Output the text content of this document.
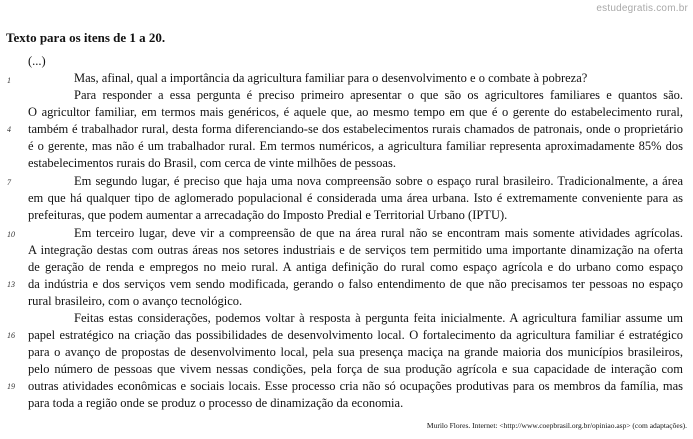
estudegratis.com.br
Texto para os itens de 1 a 20.
(...)
1
4
7
10
13
16
19
Mas, afinal, qual a importância da agricultura familiar para o desenvolvimento e o combate à pobreza?
Para responder a essa pergunta é preciso primeiro apresentar o que são os agricultores familiares e quantos são.
O agricultor familiar, em termos mais genéricos, é aquele que, ao mesmo tempo em que é o gerente do estabelecimento rural,
também é trabalhador rural, desta forma diferenciando-se dos estabelecimentos rurais chamados de patronais, onde o proprietário
é o gerente, mas não é um trabalhador rural. Em termos numéricos, a agricultura familiar representa aproximadamente 85% dos
estabelecimentos rurais do Brasil, com cerca de vinte milhões de pessoas.
Em segundo lugar, é preciso que haja uma nova compreensão sobre o espaço rural brasileiro. Tradicionalmente, a área
em que há qualquer tipo de aglomerado populacional é considerada uma área urbana. Isto é extremamente conveniente para as
prefeituras, que podem aumentar a arrecadação do Imposto Predial e Territorial Urbano (IPTU).
Em terceiro lugar, deve vir a compreensão de que na área rural não se encontram mais somente atividades agrícolas.
A integração destas com outras áreas nos setores industriais e de serviços tem permitido uma importante dinamização na oferta
de geração de renda e empregos no meio rural. A antiga definição do rural como espaço agrícola e do urbano como espaço
da indústria e dos serviços vem sendo modificada, gerando o falso entendimento de que não precisamos ter pessoas no espaço
rural brasileiro, com o avanço tecnológico.
Feitas estas considerações, podemos voltar à resposta à pergunta feita inicialmente. A agricultura familiar assume um
papel estratégico na criação das possibilidades de desenvolvimento local. O fortalecimento da agricultura familiar é estratégico
para o avanço de propostas de desenvolvimento local, pela sua presença maciça na grande maioria dos municípios brasileiros,
pelo número de pessoas que vivem nessas condições, pela força de sua produção agrícola e sua capacidade de interação com
outras atividades econômicas e sociais locais. Esse processo cria não só ocupações produtivas para os membros da família, mas
para toda a região onde se produz o processo de dinamização da economia.
Murilo Flores. Internet: <http://www.coepbrasil.org.br/opiniao.asp> (com adaptações).
